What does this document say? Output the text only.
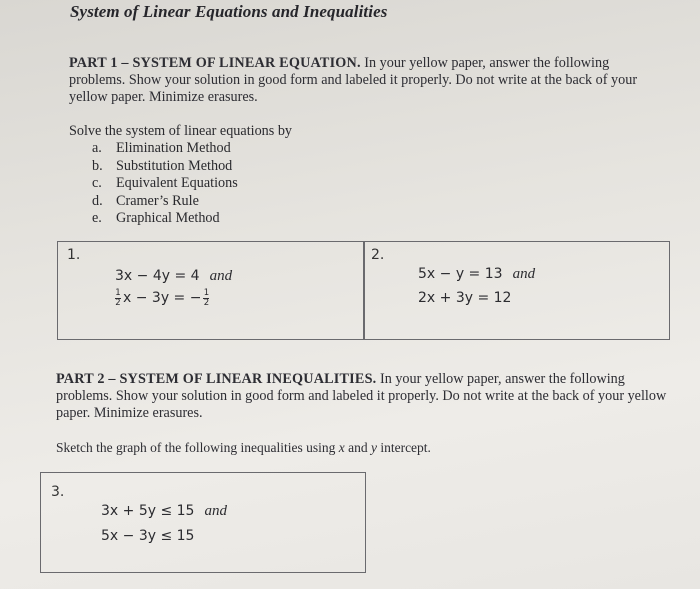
System of Linear Equations and Inequalities
PART 1 – SYSTEM OF LINEAR EQUATION. In your yellow paper, answer the following problems. Show your solution in good form and labeled it properly. Do not write at the back of your yellow paper. Minimize erasures.
Solve the system of linear equations by
a. Elimination Method
b. Substitution Method
c. Equivalent Equations
d. Cramer’s Rule
e. Graphical Method
1.
3x − 4y = 4 and
$\frac{1}{2}$ x − 3y = − $\frac{1}{2}$
2.
5x − y = 13 and
2x + 3y = 12
PART 2 – SYSTEM OF LINEAR INEQUALITIES. In your yellow paper, answer the following problems. Show your solution in good form and labeled it properly. Do not write at the back of your yellow paper. Minimize erasures.
Sketch the graph of the following inequalities using x and y intercept.
3.
3x + 5y ≤ 15 and
5x − 3y ≤ 15
